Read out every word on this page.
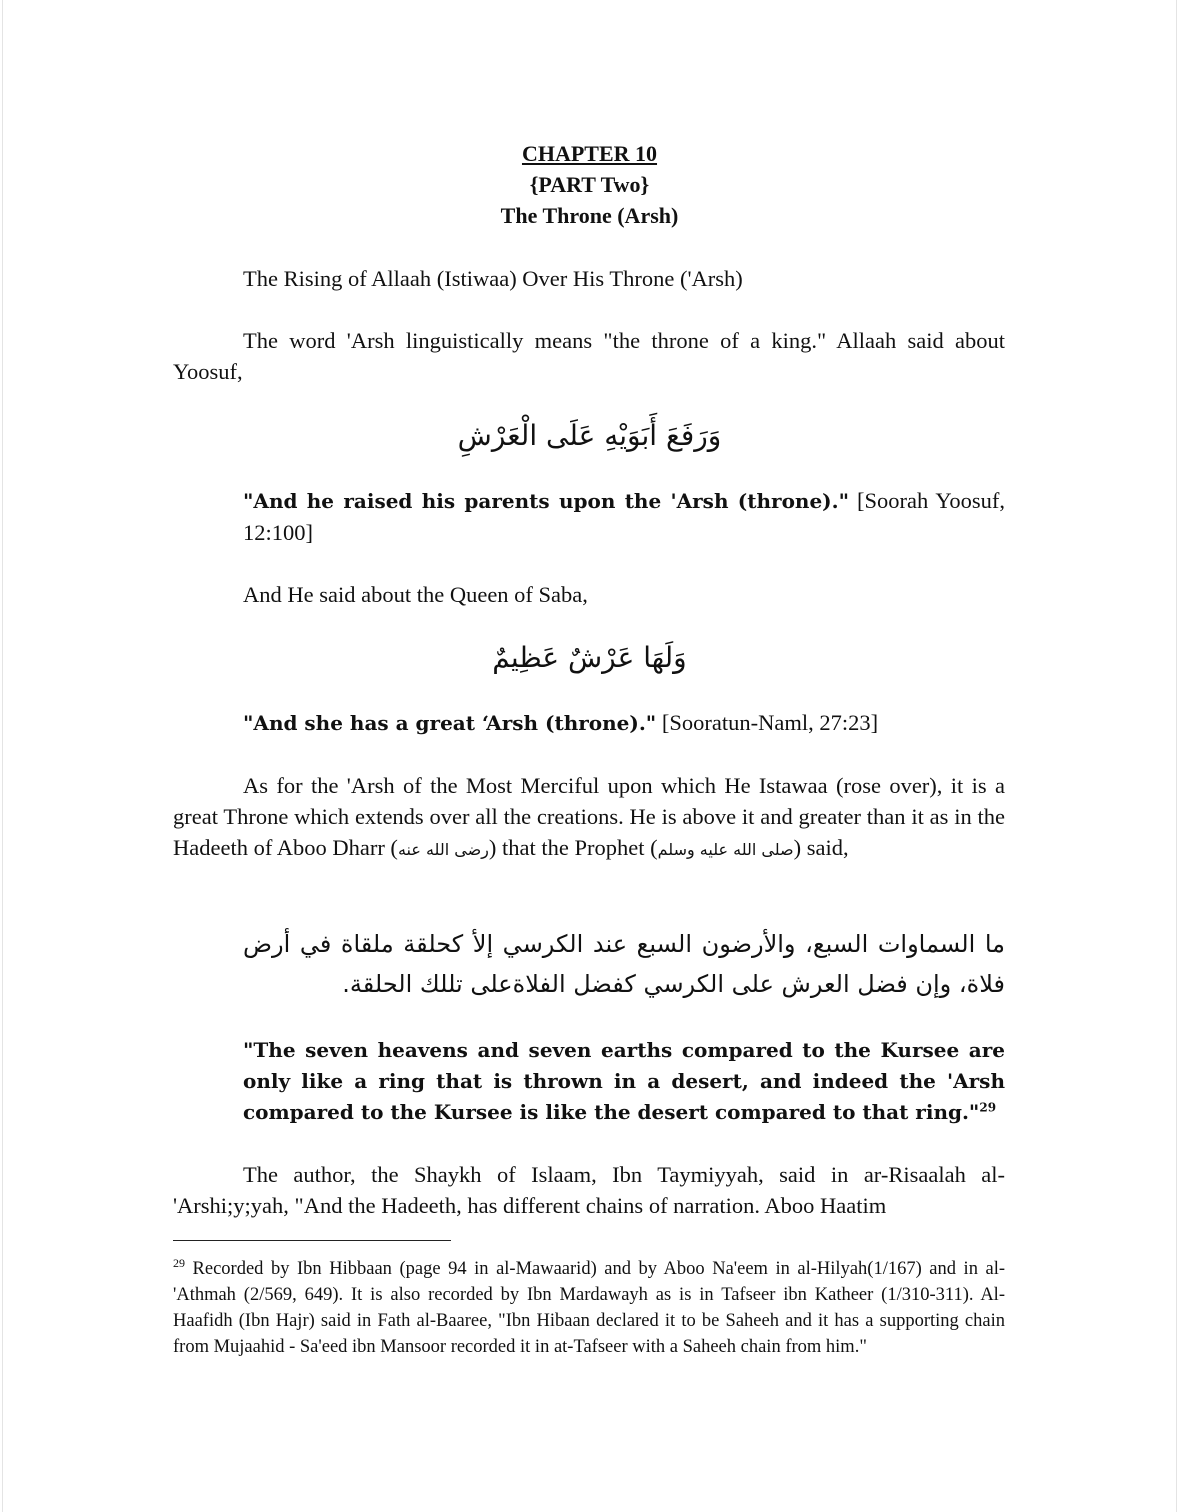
CHAPTER 10
{PART Two}
The Throne (Arsh)
The Rising of Allaah (Istiwaa) Over His Throne ('Arsh)
The word 'Arsh linguistically means "the throne of a king." Allaah said about Yoosuf,
وَرَفَعَ أَبَوَيْهِ عَلَى الْعَرْشِ
"And he raised his parents upon the 'Arsh (throne)." [Soorah Yoosuf, 12:100]
And He said about the Queen of Saba,
وَلَهَا عَرْشٌ عَظِيمٌ
"And she has a great ‘Arsh (throne)." [Sooratun-Naml, 27:23]
As for the 'Arsh of the Most Merciful upon which He Istawaa (rose over), it is a great Throne which extends over all the creations. He is above it and greater than it as in the Hadeeth of Aboo Dharr (رضى الله عنه) that the Prophet (صلى الله عليه وسلم) said,
ما السماوات السبع، والأرضون السبع عند الكرسي إلأ كحلقة ملقاة في أرض فلاة، وإن فضل العرش على الكرسي كفضل الفلاةعلى تللك الحلقة.
"The seven heavens and seven earths compared to the Kursee are only like a ring that is thrown in a desert, and indeed the 'Arsh compared to the Kursee is like the desert compared to that ring."$^{29}$
The author, the Shaykh of Islaam, Ibn Taymiyyah, said in ar-Risaalah al-'Arshi;y;yah, "And the Hadeeth, has different chains of narration. Aboo Haatim
$^{29}$ Recorded by Ibn Hibbaan (page 94 in al-Mawaarid) and by Aboo Na'eem in al-Hilyah(1/167) and in al-'Athmah (2/569, 649). It is also recorded by Ibn Mardawayh as is in Tafseer ibn Katheer (1/310-311). Al-Haafidh (Ibn Hajr) said in Fath al-Baaree, "Ibn Hibaan declared it to be Saheeh and it has a supporting chain from Mujaahid - Sa'eed ibn Mansoor recorded it in at-Tafseer with a Saheeh chain from him."
